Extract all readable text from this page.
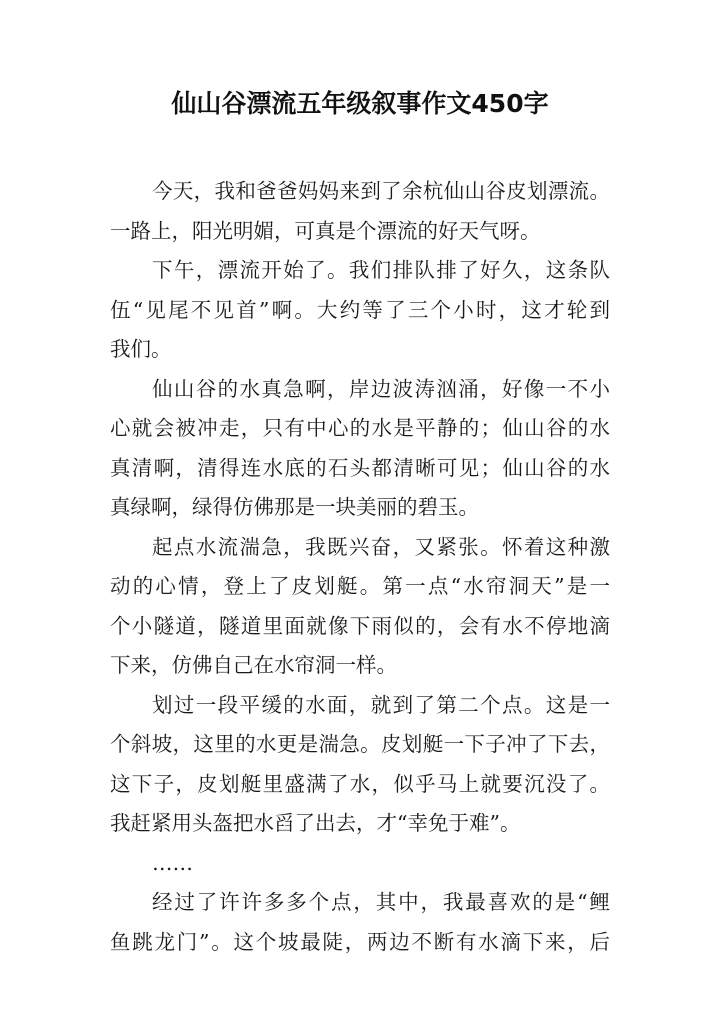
仙山谷漂流五年级叙事作文450字
今天，我和爸爸妈妈来到了余杭仙山谷皮划漂流。
一路上，阳光明媚，可真是个漂流的好天气呀。
下午，漂流开始了。我们排队排了好久，这条队
伍“见尾不见首”啊。大约等了三个小时，这才轮到
我们。
仙山谷的水真急啊，岸边波涛汹涌，好像一不小
心就会被冲走，只有中心的水是平静的；仙山谷的水
真清啊，清得连水底的石头都清晰可见；仙山谷的水
真绿啊，绿得仿佛那是一块美丽的碧玉。
起点水流湍急，我既兴奋，又紧张。怀着这种激
动的心情，登上了皮划艇。第一点“水帘洞天”是一
个小隧道，隧道里面就像下雨似的，会有水不停地滴
下来，仿佛自己在水帘洞一样。
划过一段平缓的水面，就到了第二个点。这是一
个斜坡，这里的水更是湍急。皮划艇一下子冲了下去，
这下子，皮划艇里盛满了水，似乎马上就要沉没了。
我赶紧用头盔把水舀了出去，才“幸免于难”。
……
经过了许许多多个点，其中，我最喜欢的是“鲤
鱼跳龙门”。这个坡最陡，两边不断有水滴下来，后
